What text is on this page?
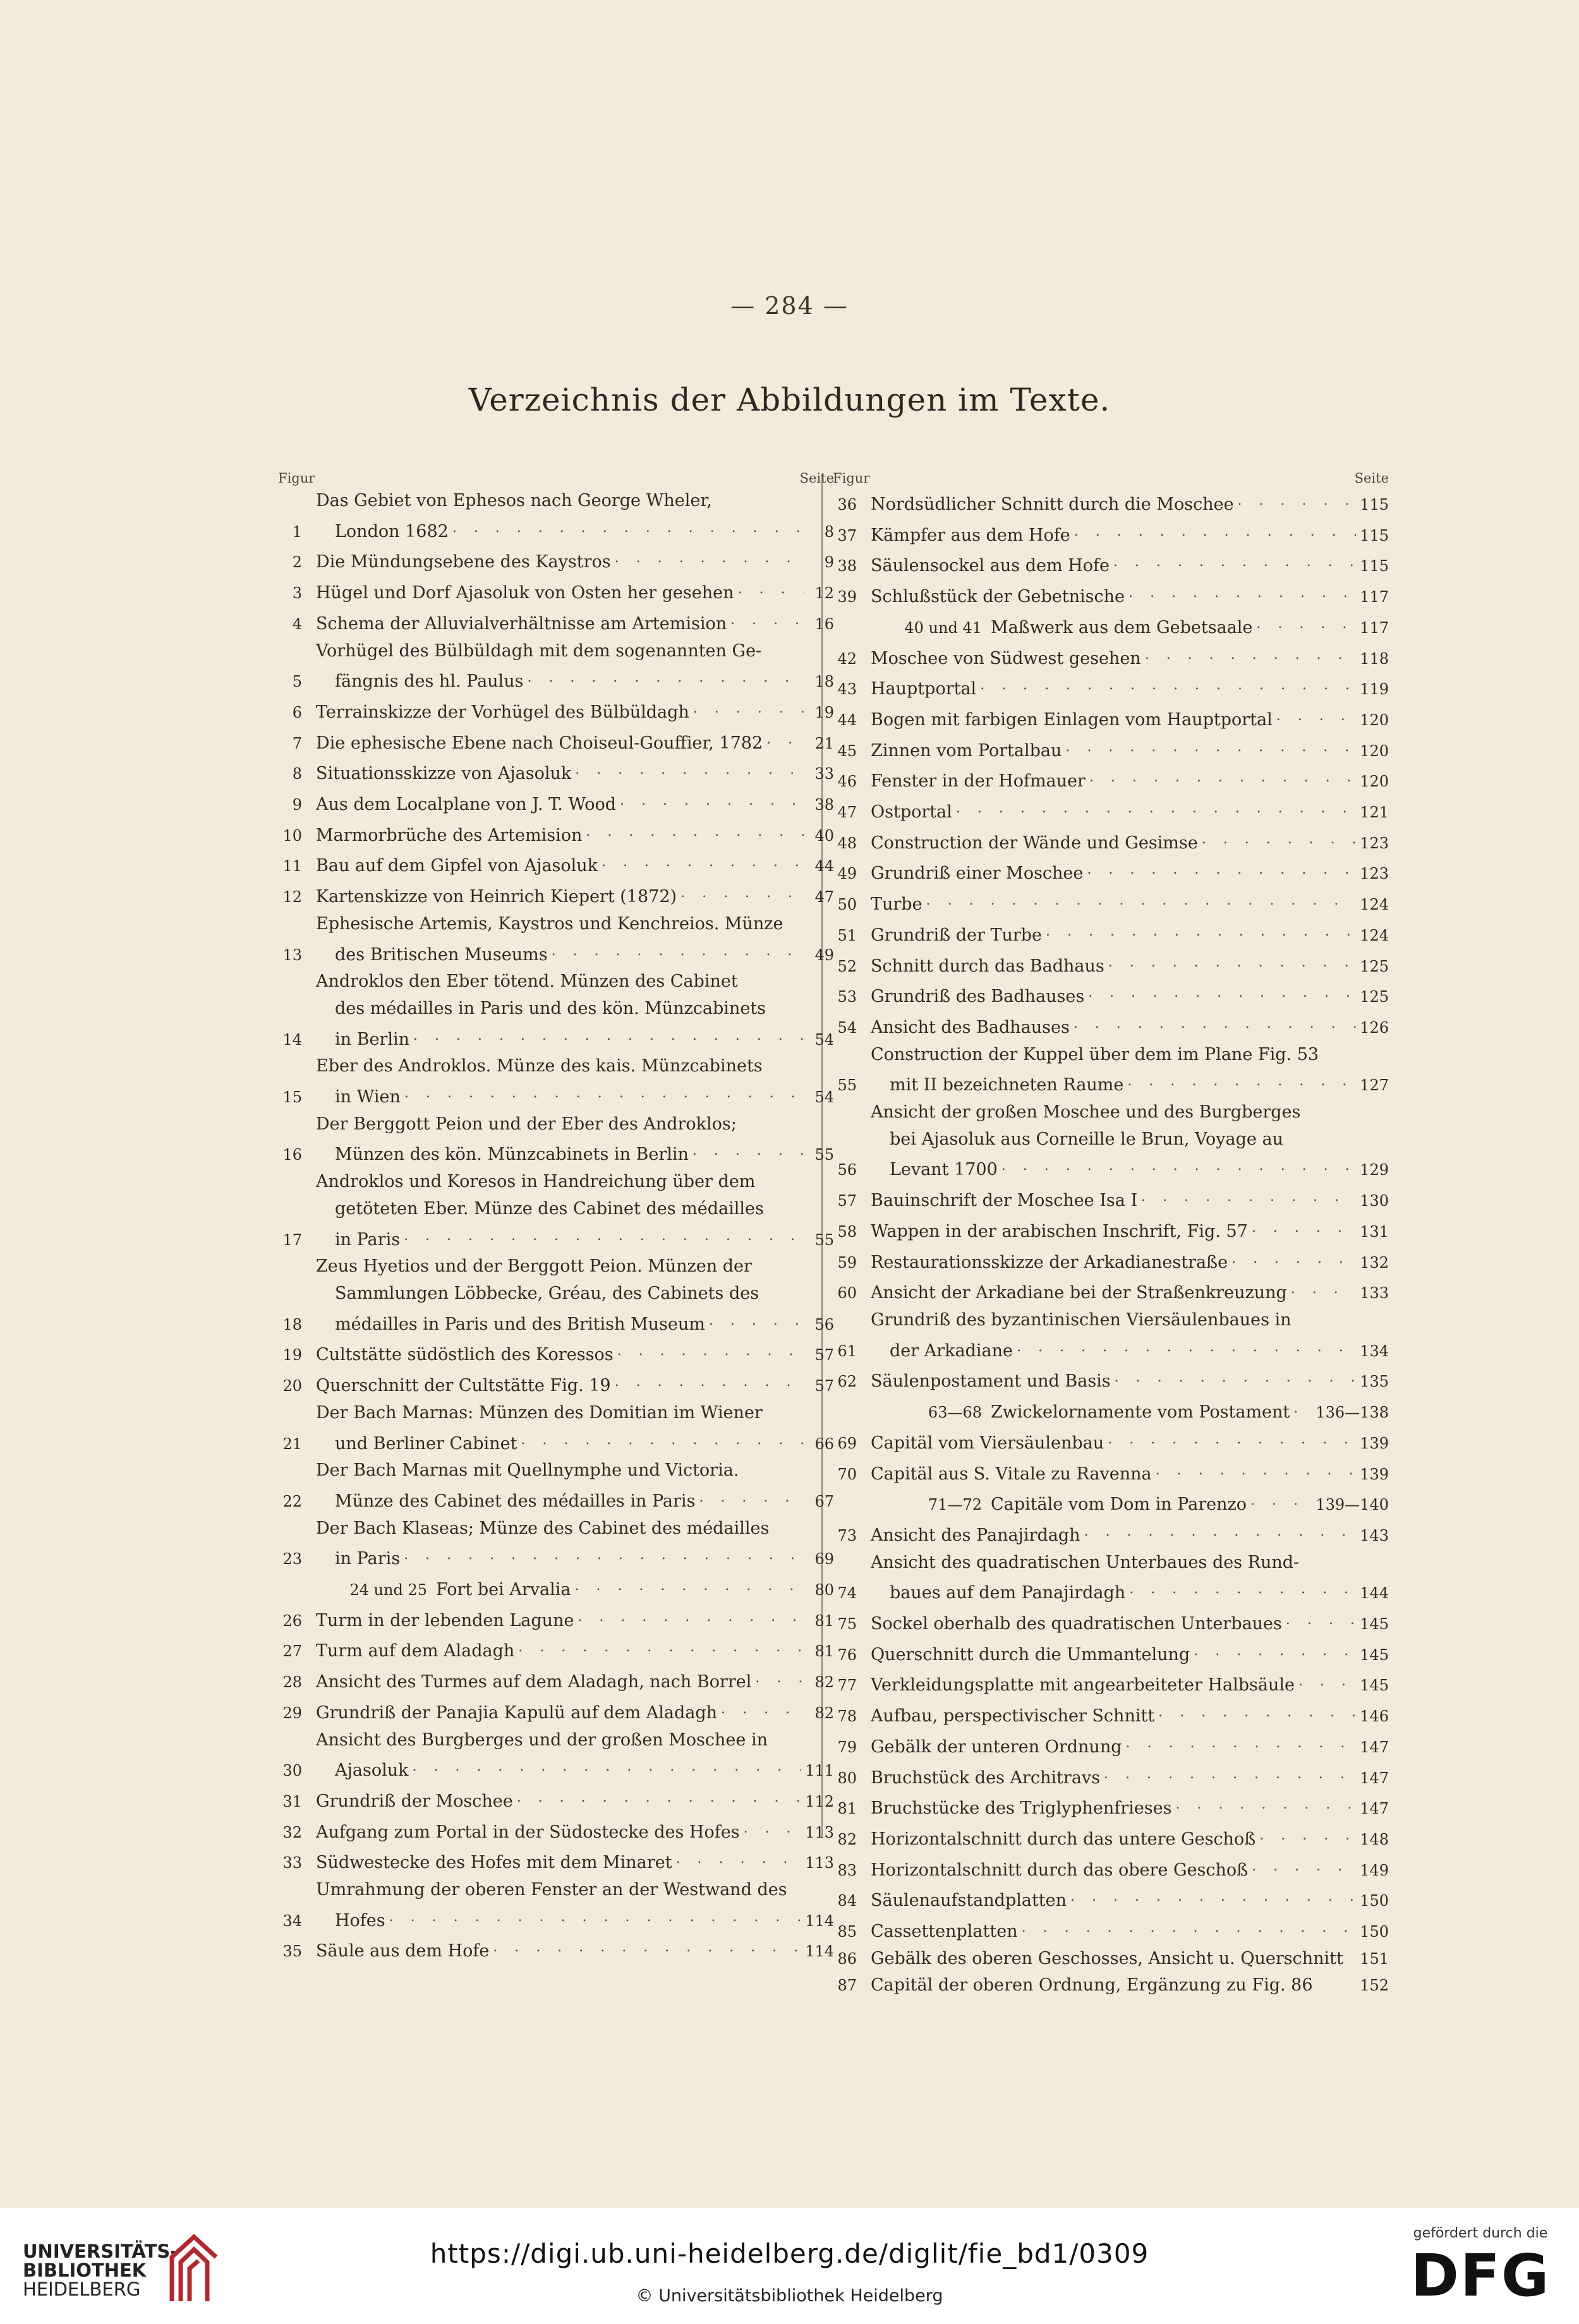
— 284 —
Verzeichnis der Abbildungen im Texte.
Figur	Seite
1
Das Gebiet von Ephesos nach George Wheler,
London 1682 . . .	8
2 Die Mündungsebene des Kaystros . . .	9
3 Hügel und Dorf Ajasoluk von Osten her gesehen . . .	12
4 Schema der Alluvialverhältnisse am Artemision . . .	16
5
Vorhügel des Bülbüldagh mit dem sogenannten Ge-
fängnis des hl. Paulus . . .	18
6 Terrainskizze der Vorhügel des Bülbüldagh . . .	19
7 Die ephesische Ebene nach Choiseul-Gouffier, 1782 . . .	21
8 Situationsskizze von Ajasoluk . . .	33
9 Aus dem Localplane von J. T. Wood . . .	38
10 Marmorbrüche des Artemision . . .	40
11 Bau auf dem Gipfel von Ajasoluk . . .	44
12 Kartenskizze von Heinrich Kiepert (1872) . . .	47
13
Ephesische Artemis, Kaystros und Kenchreios. Münze
des Britischen Museums . . .	49
14
Androklos den Eber tötend. Münzen des Cabinet
des médailles in Paris und des kön. Münzcabinets
in Berlin . . .	54
15
Eber des Androklos. Münze des kais. Münzcabinets
in Wien . . .	54
16
Der Berggott Peion und der Eber des Androklos;
Münzen des kön. Münzcabinets in Berlin . . .	55
17
Androklos und Koresos in Handreichung über dem
getöteten Eber. Münze des Cabinet des médailles
in Paris . . .	55
18
Zeus Hyetios und der Berggott Peion. Münzen der
Sammlungen Löbbecke, Gréau, des Cabinets des
médailles in Paris und des British Museum . . .	56
19 Cultstätte südöstlich des Koressos . . .	57
20 Querschnitt der Cultstätte Fig. 19 . . .	57
21
Der Bach Marnas: Münzen des Domitian im Wiener
und Berliner Cabinet . . .	66
22
Der Bach Marnas mit Quellnymphe und Victoria.
Münze des Cabinet des médailles in Paris . . .	67
23
Der Bach Klaseas; Münze des Cabinet des médailles
in Paris . . .	69
24 und 25 Fort bei Arvalia . . .	80
26 Turm in der lebenden Lagune . . .	81
27 Turm auf dem Aladagh . . .	81
28 Ansicht des Turmes auf dem Aladagh, nach Borrel . . .	82
29 Grundriß der Panajia Kapulü auf dem Aladagh . . .	82
30
Ansicht des Burgberges und der großen Moschee in
Ajasoluk . . .	111
31 Grundriß der Moschee . . .	112
32 Aufgang zum Portal in der Südostecke des Hofes . . .	113
33 Südwestecke des Hofes mit dem Minaret . . .	113
34
Umrahmung der oberen Fenster an der Westwand des
Hofes . . .	114
35 Säule aus dem Hofe . . .	114
Figur	Seite
36 Nordsüdlicher Schnitt durch die Moschee . . .	115
37 Kämpfer aus dem Hofe . . .	115
38 Säulensockel aus dem Hofe . . .	115
39 Schlußstück der Gebetnische . . .	117
40 und 41 Maßwerk aus dem Gebetsaale . . .	117
42 Moschee von Südwest gesehen . . .	118
43 Hauptportal . . .	119
44 Bogen mit farbigen Einlagen vom Hauptportal . . .	120
45 Zinnen vom Portalbau . . .	120
46 Fenster in der Hofmauer . . .	120
47 Ostportal . . .	121
48 Construction der Wände und Gesimse . . .	123
49 Grundriß einer Moschee . . .	123
50 Turbe . . .	124
51 Grundriß der Turbe . . .	124
52 Schnitt durch das Badhaus . . .	125
53 Grundriß des Badhauses . . .	125
54 Ansicht des Badhauses . . .	126
55
Construction der Kuppel über dem im Plane Fig. 53
mit II bezeichneten Raume . . .	127
56
Ansicht der großen Moschee und des Burgberges
bei Ajasoluk aus Corneille le Brun, Voyage au
Levant 1700 . . .	129
57 Bauinschrift der Moschee Isa I . . .	130
58 Wappen in der arabischen Inschrift, Fig. 57 . . .	131
59 Restaurationsskizze der Arkadianestraße . . .	132
60 Ansicht der Arkadiane bei der Straßenkreuzung . . .	133
61
Grundriß des byzantinischen Viersäulenbaues in
der Arkadiane . . .	134
62 Säulenpostament und Basis . . .	135
63—68 Zwickelornamente vom Postament . . . 136—138
69 Capitäl vom Viersäulenbau . . .	139
70 Capitäl aus S. Vitale zu Ravenna . . .	139
71—72 Capitäle vom Dom in Parenzo . . .	139—140
73 Ansicht des Panajirdagh . . .	143
74
Ansicht des quadratischen Unterbaues des Rund-
baues auf dem Panajirdagh . . .	144
75 Sockel oberhalb des quadratischen Unterbaues . . .	145
76 Querschnitt durch die Ummantelung . . .	145
77 Verkleidungsplatte mit angearbeiteter Halbsäule . . .	145
78 Aufbau, perspectivischer Schnitt . . .	146
79 Gebälk der unteren Ordnung . . .	147
80 Bruchstück des Architravs . . .	147
81 Bruchstücke des Triglyphenfrieses . . .	147
82 Horizontalschnitt durch das untere Geschoß . . .	148
83 Horizontalschnitt durch das obere Geschoß . . .	149
84 Säulenaufstandplatten . . .	150
85 Cassettenplatten . . .	150
86 Gebälk des oberen Geschosses, Ansicht u. Querschnitt 151
87 Capitäl der oberen Ordnung, Ergänzung zu Fig. 86	152
UNIVERSITÄTS-
BIBLIOTHEK
HEIDELBERG
https://digi.ub.uni-heidelberg.de/diglit/fie_bd1/0309
© Universitätsbibliothek Heidelberg
gefördert durch die
DFG
